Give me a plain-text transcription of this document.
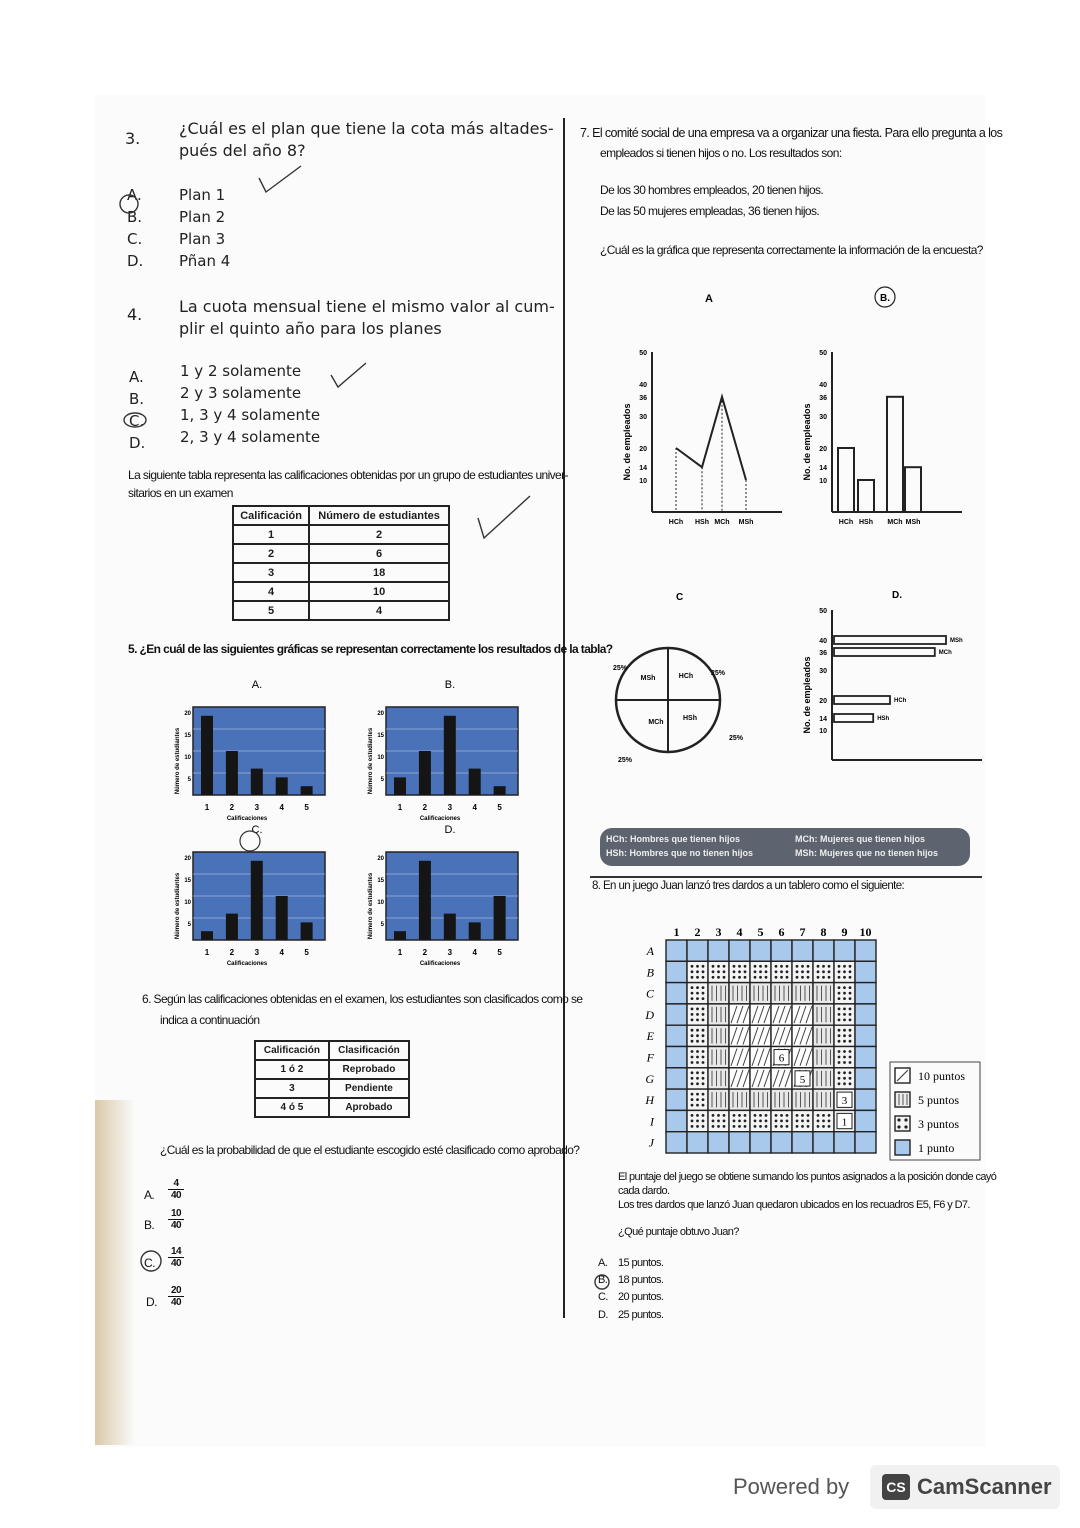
3.
¿Cuál es el plan que tiene la cota más altades-
pués del año 8?
A. Plan 1
B. Plan 2
C. Plan 3
D. Pñan 4
4. La cuota mensual tiene el mismo valor al cum-
plir el quinto año para los planes
A. 1 y 2 solamente
B. 2 y 3 solamente
C. 1, 3 y 4 solamente
D. 2, 3 y 4 solamente
La siguiente tabla representa las calificaciones obtenidas por un grupo de estudiantes univer-
sitarios en un examen
Calificación	Número de estudiantes
1	2
2	6
3	18
4	10
5	4
5. ¿En cuál de las siguientes gráficas se representan correctamente los resultados de la tabla?
A.
1	2	3	4	5
20
15
10
5
Calificaciones
Número de estudiantes
B.
1	2	3	4	5
20
15
10
5
Calificaciones
Número de estudiantes
C.
1	2	3	4	5
20
15
10
5
Calificaciones
Número de estudiantes
D.
1	2	3	4	5
20
15
10
5
Calificaciones
Número de estudiantes
6. Según las calificaciones obtenidas en el examen, los estudiantes son clasificados como se
indica a continuación
Calificación	Clasificación
1 ó 2	Reprobado
3	Pendiente
4 ó 5	Aprobado
¿Cuál es la probabilidad de que el estudiante escogido esté clasificado como aprobado?
A. $\frac{4}{40}$
B. $\frac{10}{40}$
C. $\frac{14}{40}$
D. $\frac{20}{40}$
7. El comité social de una empresa va a organizar una fiesta. Para ello pregunta a los
empleados si tienen hijos o no. Los resultados son:
De los 30 hombres empleados, 20 tienen hijos.
De las 50 mujeres empleadas, 36 tienen hijos.
¿Cuál es la gráfica que representa correctamente la información de la encuesta?
A
50
40
36
30
20
14
10
No. de empleados
HCh HSh MCh MSh
B.
50
40
36
30
20
14
10
No. de empleados
HCh HSh MCh MSh
C
MSh	HCh
MCh
HSh
25%
25%
25%
25%
D.
50
40
36
30
20
14
10
No. de empleados
MSh
MCh
HCh
HSh
HCh: Hombres que tienen hijos
HSh: Hombres que no tienen hijos
MCh: Mujeres que tienen hijos
MSh: Mujeres que no tienen hijos
8. En un juego Juan lanzó tres dardos a un tablero como el siguiente:
1 2 3 4 5 6 7 8 9 10
A
B
C
D
E
F
G
H
I
J
6
5
3
1
10 puntos
5 puntos
3 puntos
1 punto
El puntaje del juego se obtiene sumando los puntos asignados a la posición donde cayó
cada dardo.
Los tres dardos que lanzó Juan quedaron ubicados en los recuadros E5, F6 y D7.
¿Qué puntaje obtuvo Juan?
A. 15 puntos.
B. 18 puntos.
C. 20 puntos.
D. 25 puntos.
Powered by	CS CamScanner
